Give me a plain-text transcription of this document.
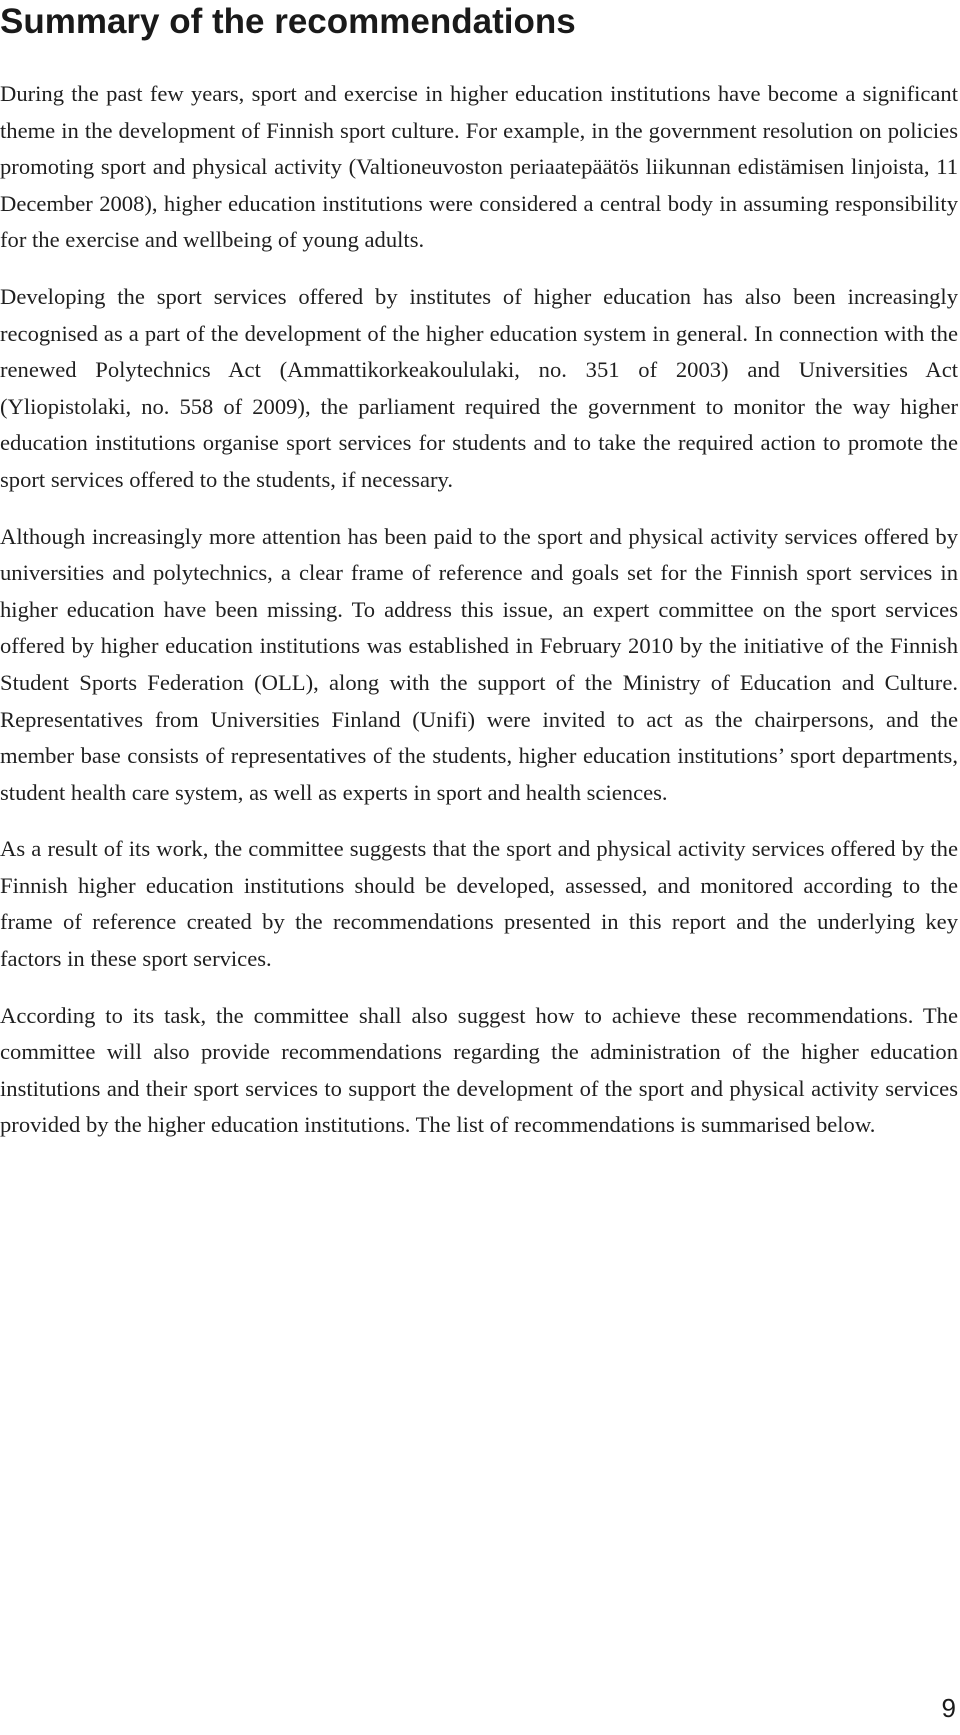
Summary of the recommendations

During the past few years, sport and exercise in higher education institutions have become a significant theme in the development of Finnish sport culture. For example, in the government resolution on policies promoting sport and physical activity (Valtioneuvoston periaatepäätös liikunnan edistämisen linjoista, 11 December 2008), higher education institutions were considered a central body in assuming responsibility for the exercise and wellbeing of young adults.

Developing the sport services offered by institutes of higher education has also been increasingly recognised as a part of the development of the higher education system in general. In connection with the renewed Polytechnics Act (Ammattikorkeakoululaki, no. 351 of 2003) and Universities Act (Yliopistolaki, no. 558 of 2009), the parliament required the government to monitor the way higher education institutions organise sport services for students and to take the required action to promote the sport services offered to the students, if necessary.

Although increasingly more attention has been paid to the sport and physical activity services offered by universities and polytechnics, a clear frame of reference and goals set for the Finnish sport services in higher education have been missing. To address this issue, an expert committee on the sport services offered by higher education institutions was established in February 2010 by the initiative of the Finnish Student Sports Federation (OLL), along with the support of the Ministry of Education and Culture. Representatives from Universities Finland (Unifi) were invited to act as the chairpersons, and the member base consists of representatives of the students, higher education institutions’ sport departments, student health care system, as well as experts in sport and health sciences.

As a result of its work, the committee suggests that the sport and physical activity services offered by the Finnish higher education institutions should be developed, assessed, and monitored according to the frame of reference created by the recommendations presented in this report and the underlying key factors in these sport services.

According to its task, the committee shall also suggest how to achieve these recommendations. The committee will also provide recommendations regarding the administration of the higher education institutions and their sport services to support the development of the sport and physical activity services provided by the higher education institutions. The list of recommendations is summarised below.

9
